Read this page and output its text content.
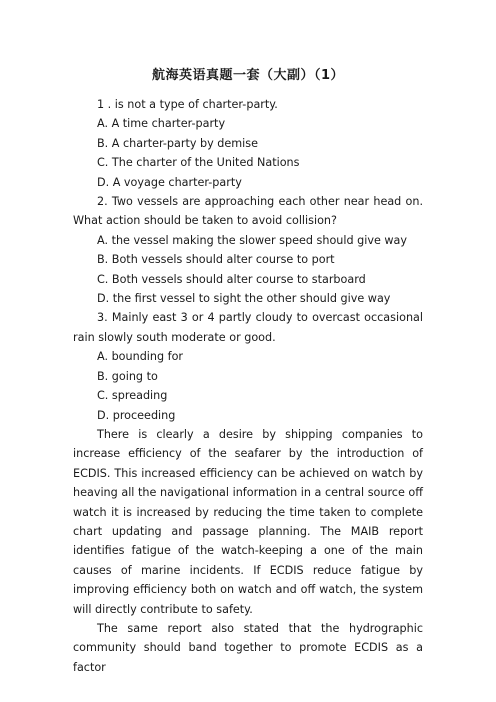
航海英语真题一套（大副）（1）

1 . is not a type of charter-party.

A. A time charter-party

B. A charter-party by demise

C. The charter of the United Nations

D. A voyage charter-party

2. Two vessels are approaching each other near head on. What action should be taken to avoid collision?

A. the vessel making the slower speed should give way

B. Both vessels should alter course to port

C. Both vessels should alter course to starboard

D. the first vessel to sight the other should give way

3. Mainly east 3 or 4 partly cloudy to overcast occasional rain slowly south moderate or good.

A. bounding for

B. going to

C. spreading

D. proceeding

There is clearly a desire by shipping companies to increase efficiency of the seafarer by the introduction of ECDIS. This increased efficiency can be achieved on watch by heaving all the navigational information in a central source off watch it is increased by reducing the time taken to complete chart updating and passage planning. The MAIB report identifies fatigue of the watch-keeping a one of the main causes of marine incidents. If ECDIS reduce fatigue by improving efficiency both on watch and off watch, the system will directly contribute to safety.

The same report also stated that the hydrographic community should band together to promote ECDIS as a factor
